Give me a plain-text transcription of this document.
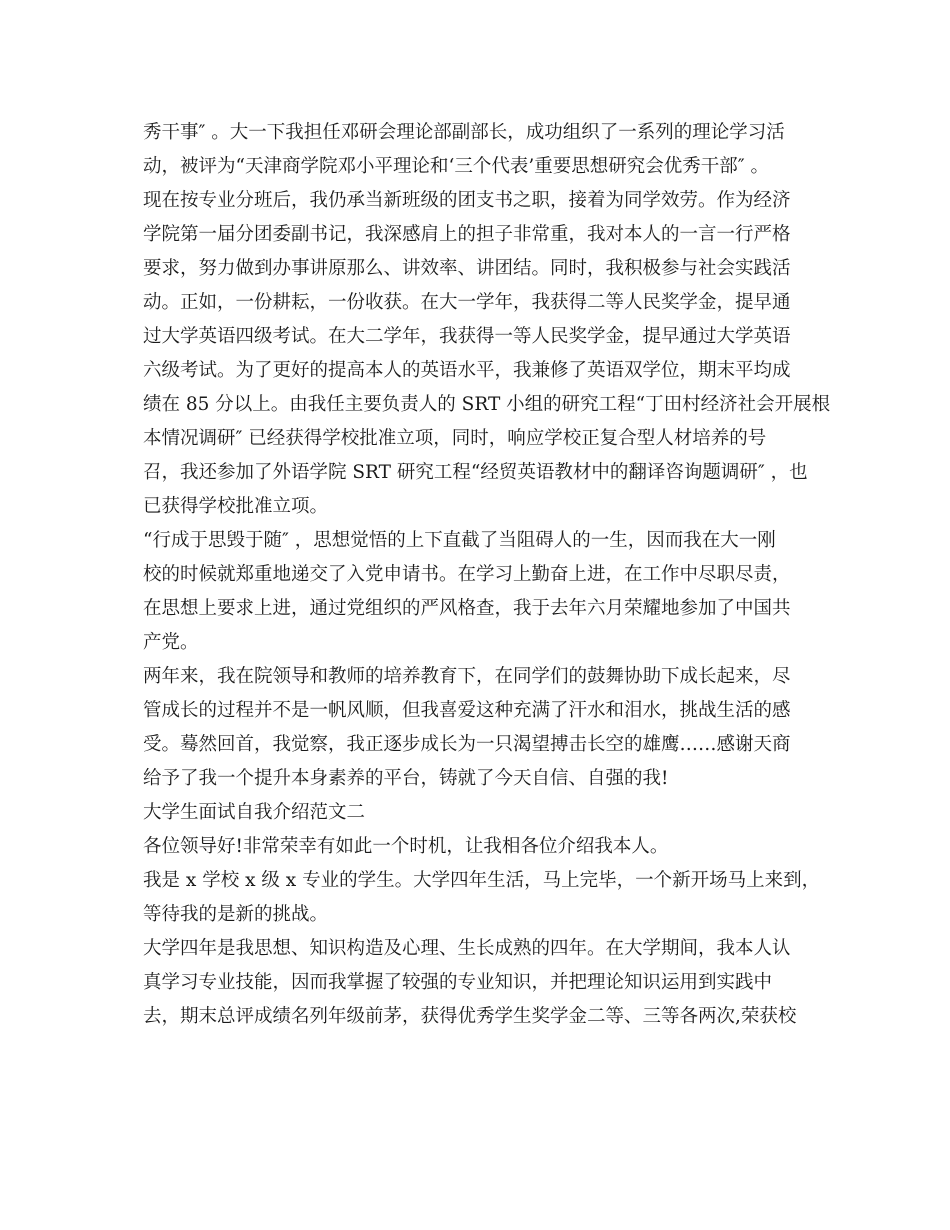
秀干事″ 。大一下我担任邓研会理论部副部长，成功组织了一系列的理论学习活
动，被评为“天津商学院邓小平理论和‘三个代表’重要思想研究会优秀干部″ 。
现在按专业分班后，我仍承当新班级的团支书之职，接着为同学效劳。作为经济
学院第一届分团委副书记，我深感肩上的担子非常重，我对本人的一言一行严格
要求，努力做到办事讲原那么、讲效率、讲团结。同时，我积极参与社会实践活
动。正如，一份耕耘，一份收获。在大一学年，我获得二等人民奖学金，提早通
过大学英语四级考试。在大二学年，我获得一等人民奖学金，提早通过大学英语
六级考试。为了更好的提高本人的英语水平，我兼修了英语双学位，期末平均成
绩在 85 分以上。由我任主要负责人的 SRT 小组的研究工程“丁田村经济社会开展根
本情况调研″ 已经获得学校批准立项，同时，响应学校正复合型人材培养的号
召，我还参加了外语学院 SRT 研究工程“经贸英语教材中的翻译咨询题调研″ ，也
已获得学校批准立项。
“行成于思毁于随″ ，思想觉悟的上下直截了当阻碍人的一生，因而我在大一刚
校的时候就郑重地递交了入党申请书。在学习上勤奋上进，在工作中尽职尽责，
在思想上要求上进，通过党组织的严风格查，我于去年六月荣耀地参加了中国共
产党。
两年来，我在院领导和教师的培养教育下，在同学们的鼓舞协助下成长起来，尽
管成长的过程并不是一帆风顺，但我喜爱这种充满了汗水和泪水，挑战生活的感
受。蓦然回首，我觉察，我正逐步成长为一只渴望搏击长空的雄鹰……感谢天商
给予了我一个提升本身素养的平台，铸就了今天自信、自强的我!
大学生面试自我介绍范文二
各位领导好!非常荣幸有如此一个时机，让我相各位介绍我本人。
我是 x 学校 x 级 x 专业的学生。大学四年生活，马上完毕，一个新开场马上来到，
等待我的是新的挑战。
大学四年是我思想、知识构造及心理、生长成熟的四年。在大学期间，我本人认
真学习专业技能，因而我掌握了较强的专业知识，并把理论知识运用到实践中
去，期末总评成绩名列年级前茅，获得优秀学生奖学金二等、三等各两次,荣获校
